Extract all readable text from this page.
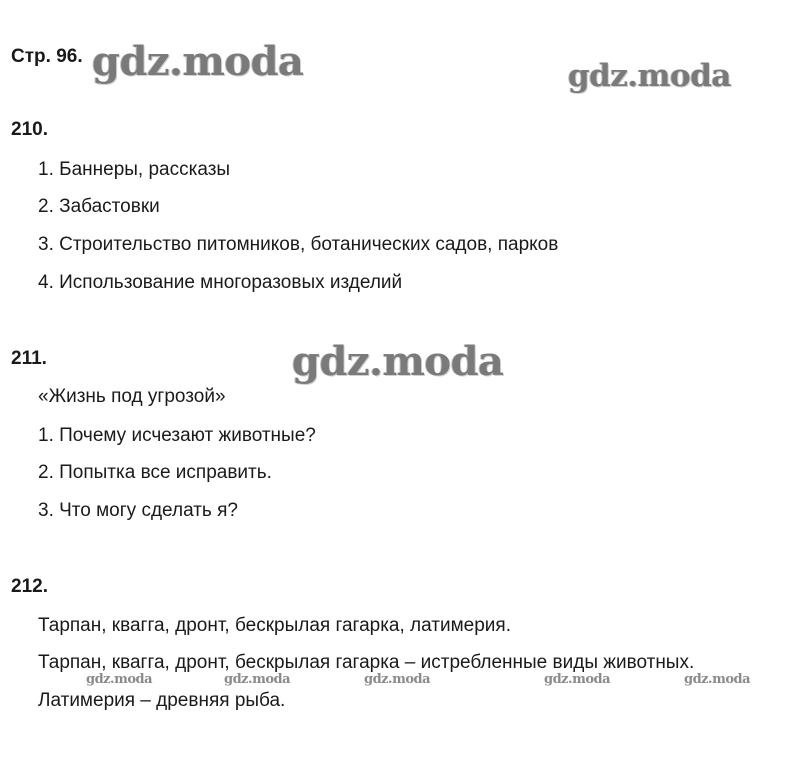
Стр. 96. gdz.moda	gdz.moda
gdz.moda
210.
1. Баннеры, рассказы
2. Забастовки
3. Строительство питомников, ботанических садов, парков
4. Использование многоразовых изделий
211.
«Жизнь под угрозой»
1. Почему исчезают животные?
2. Попытка все исправить.
3. Что могу сделать я?
212.
Тарпан, квагга, дронт, бескрылая гагарка, латимерия.
Тарпан, квагга, дронт, бескрылая гагарка – истребленные виды животных.
gdz.moda	gdz.moda	gdz.moda	gdz.moda	gdz.moda
Латимерия – древняя рыба.
